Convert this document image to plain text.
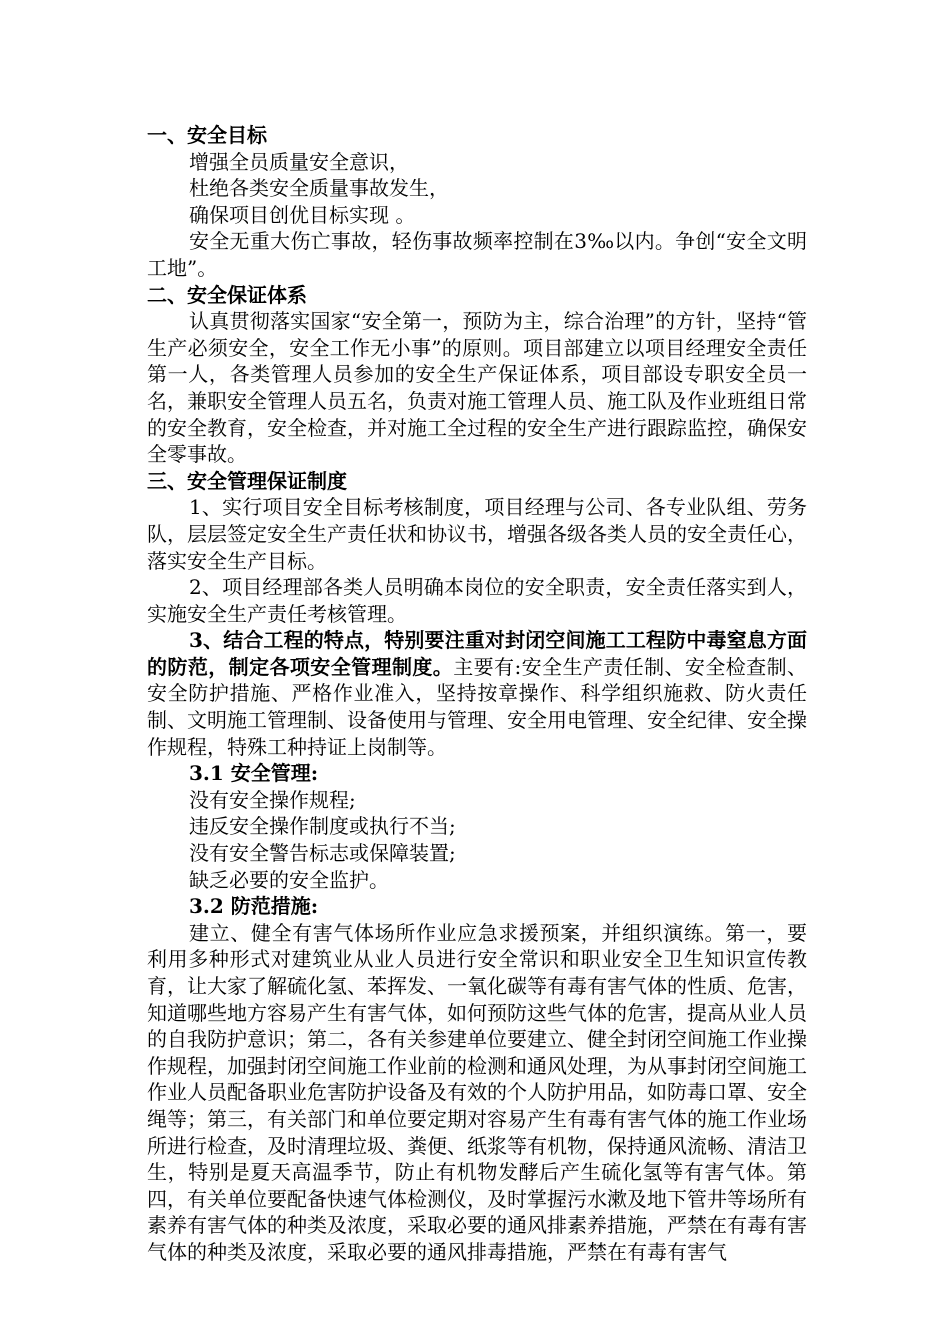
一、安全目标

增强全员质量安全意识，

杜绝各类安全质量事故发生，

确保项目创优目标实现 。

安全无重大伤亡事故，轻伤事故频率控制在3‰以内。争创“安全文明工地”。

二、安全保证体系

认真贯彻落实国家“安全第一，预防为主，综合治理”的方针，坚持“管生产必须安全，安全工作无小事”的原则。项目部建立以项目经理安全责任第一人，各类管理人员参加的安全生产保证体系，项目部设专职安全员一名，兼职安全管理人员五名，负责对施工管理人员、施工队及作业班组日常的安全教育，安全检查，并对施工全过程的安全生产进行跟踪监控，确保安全零事故。

三、安全管理保证制度

1、实行项目安全目标考核制度，项目经理与公司、各专业队组、劳务队，层层签定安全生产责任状和协议书，增强各级各类人员的安全责任心，落实安全生产目标。

2、项目经理部各类人员明确本岗位的安全职责，安全责任落实到人，实施安全生产责任考核管理。

3、结合工程的特点，特别要注重对封闭空间施工工程防中毒窒息方面的防范，制定各项安全管理制度。主要有:安全生产责任制、安全检查制、安全防护措施、严格作业准入，坚持按章操作、科学组织施救、防火责任制、文明施工管理制、设备使用与管理、安全用电管理、安全纪律、安全操作规程，特殊工种持证上岗制等。

3.1 安全管理:

没有安全操作规程;

违反安全操作制度或执行不当;

没有安全警告标志或保障装置;

缺乏必要的安全监护。

3.2 防范措施:

建立、健全有害气体场所作业应急求援预案，并组织演练。第一，要利用多种形式对建筑业从业人员进行安全常识和职业安全卫生知识宣传教育，让大家了解硫化氢、苯挥发、一氧化碳等有毒有害气体的性质、危害，知道哪些地方容易产生有害气体，如何预防这些气体的危害，提高从业人员的自我防护意识；第二，各有关参建单位要建立、健全封闭空间施工作业操作规程，加强封闭空间施工作业前的检测和通风处理，为从事封闭空间施工作业人员配备职业危害防护设备及有效的个人防护用品，如防毒口罩、安全绳等；第三，有关部门和单位要定期对容易产生有毒有害气体的施工作业场所进行检查，及时清理垃圾、粪便、纸浆等有机物，保持通风流畅、清洁卫生，特别是夏天高温季节，防止有机物发酵后产生硫化氢等有害气体。第四，有关单位要配备快速气体检测仪，及时掌握污水漱及地下管井等场所有素养有害气体的种类及浓度，采取必要的通风排素养措施，严禁在有毒有害气体的种类及浓度，采取必要的通风排毒措施，严禁在有毒有害气
